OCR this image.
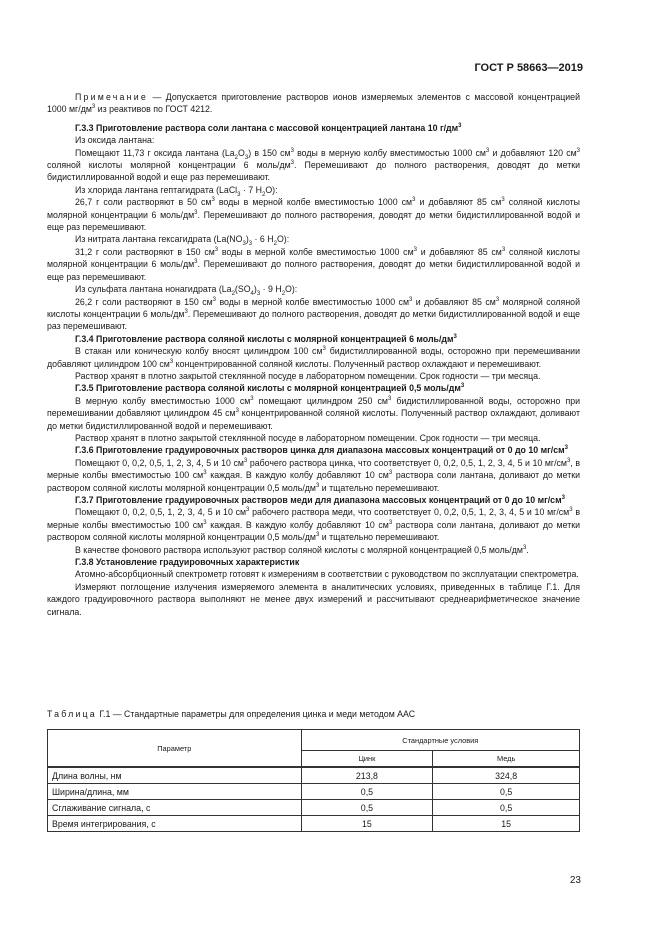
ГОСТ Р 58663—2019

Примечание — Допускается приготовление растворов ионов измеряемых элементов с массовой концентрацией 1000 $мг/дм^3$ из реактивов по ГОСТ 4212.

Г.3.3 Приготовление раствора соли лантана с массовой концентрацией лантана 10 $г/дм^3$

Из оксида лантана:

Помещают 11,73 г оксида лантана $(La_2O_3)$ в 150 $см^3$ воды в мерную колбу вместимостью 1000 $см^3$ и добавляют 120 $см^3$ соляной кислоты молярной концентрации 6 моль/$дм^3$. Перемешивают до полного растворения, доводят до метки бидистиллированной водой и еще раз перемешивают.

Из хлорида лантана гептагидрата (LaCl$_3$ · 7 $H_2O$):

26,7 г соли растворяют в 50 $см^3$ воды в мерной колбе вместимостью 1000 $см^3$ и добавляют 85 $см^3$ соляной кислоты молярной концентрации 6 моль/$дм^3$. Перемешивают до полного растворения, доводят до метки бидистиллированной водой и еще раз перемешивают.

Из нитрата лантана гексагидрата ($La(NO_3)_3 \cdot 6$ $H_2O$):

31,2 г соли растворяют в 150 $см^3$ воды в мерной колбе вместимостью 1000 $см^3$ и добавляют 85 $см^3$ соляной кислоты молярной концентрации 6 моль/$дм^3$. Перемешивают до полного растворения, доводят до метки бидистиллированной водой и еще раз перемешивают.

Из сульфата лантана нонагидрата ($La_2(SO_4)_3 \cdot 9$ $H_2O$):

26,2 г соли растворяют в 150 $см^3$ воды в мерной колбе вместимостью 1000 $см^3$ и добавляют 85 $см^3$ молярной соляной кислоты концентрации 6 моль/$дм^3$. Перемешивают до полного растворения, доводят до метки бидистиллированной водой и еще раз перемешивают.

Г.3.4 Приготовление раствора соляной кислоты с молярной концентрацией 6 моль/$дм^3$

В стакан или коническую колбу вносят цилиндром 100 $см^3$ бидистиллированной воды, осторожно при перемешивании добавляют цилиндром 100 $см^3$ концентрированной соляной кислоты. Полученный раствор охлаждают и перемешивают.

Раствор хранят в плотно закрытой стеклянной посуде в лабораторном помещении. Срок годности — три месяца.

Г.3.5 Приготовление раствора соляной кислоты с молярной концентрацией 0,5 моль/$дм^3$

В мерную колбу вместимостью 1000 $см^3$ помещают цилиндром 250 $см^3$ бидистиллированной воды, осторожно при перемешивании добавляют цилиндром 45 $см^3$ концентрированной соляной кислоты. Полученный раствор охлаждают, доливают до метки бидистиллированной водой и перемешивают.

Раствор хранят в плотно закрытой стеклянной посуде в лабораторном помещении. Срок годности — три месяца.

Г.3.6 Приготовление градуировочных растворов цинка для диапазона массовых концентраций от 0 до 10 $мг/см^3$

Помещают 0, 0,2, 0,5, 1, 2, 3, 4, 5 и 10 $см^3$ рабочего раствора цинка, что соответствует 0, 0,2, 0,5, 1, 2, 3, 4, 5 и 10 $мг/см^3$, в мерные колбы вместимостью 100 $см^3$ каждая. В каждую колбу добавляют 10 $см^3$ раствора соли лантана, доливают до метки раствором соляной кислоты молярной концентрации 0,5 моль/$дм^3$ и тщательно перемешивают.

Г.3.7 Приготовление градуировочных растворов меди для диапазона массовых концентраций от 0 до 10 $мг/см^3$

Помещают 0, 0,2, 0,5, 1, 2, 3, 4, 5 и 10 $см^3$ рабочего раствора меди, что соответствует 0, 0,2, 0,5, 1, 2, 3, 4, 5 и 10 $мг/см^3$ в мерные колбы вместимостью 100 $см^3$ каждая. В каждую колбу добавляют 10 $см^3$ раствора соли лантана, доливают до метки раствором соляной кислоты молярной концентрации 0,5 моль/$дм^3$ и тщательно перемешивают.

В качестве фонового раствора используют раствор соляной кислоты с молярной концентрацией 0,5 моль/$дм^3$.

Г.3.8 Установление градуировочных характеристик

Атомно-абсорбционный спектрометр готовят к измерениям в соответствии с руководством по эксплуатации спектрометра.

Измеряют поглощение излучения измеряемого элемента в аналитических условиях, приведенных в таблице Г.1. Для каждого градуировочного раствора выполняют не менее двух измерений и рассчитывают среднеарифметическое значение сигнала.

Таблица Г.1 — Стандартные параметры для определения цинка и меди методом ААС
Параметр	Стандартные условия	
	Цинк	Медь
Длина волны, нм	213,8	324,8
Ширина/длина, мм	0,5	0,5
Сглаживание сигнала, с	0,5	0,5
Время интегрирования, с	15	15
23
